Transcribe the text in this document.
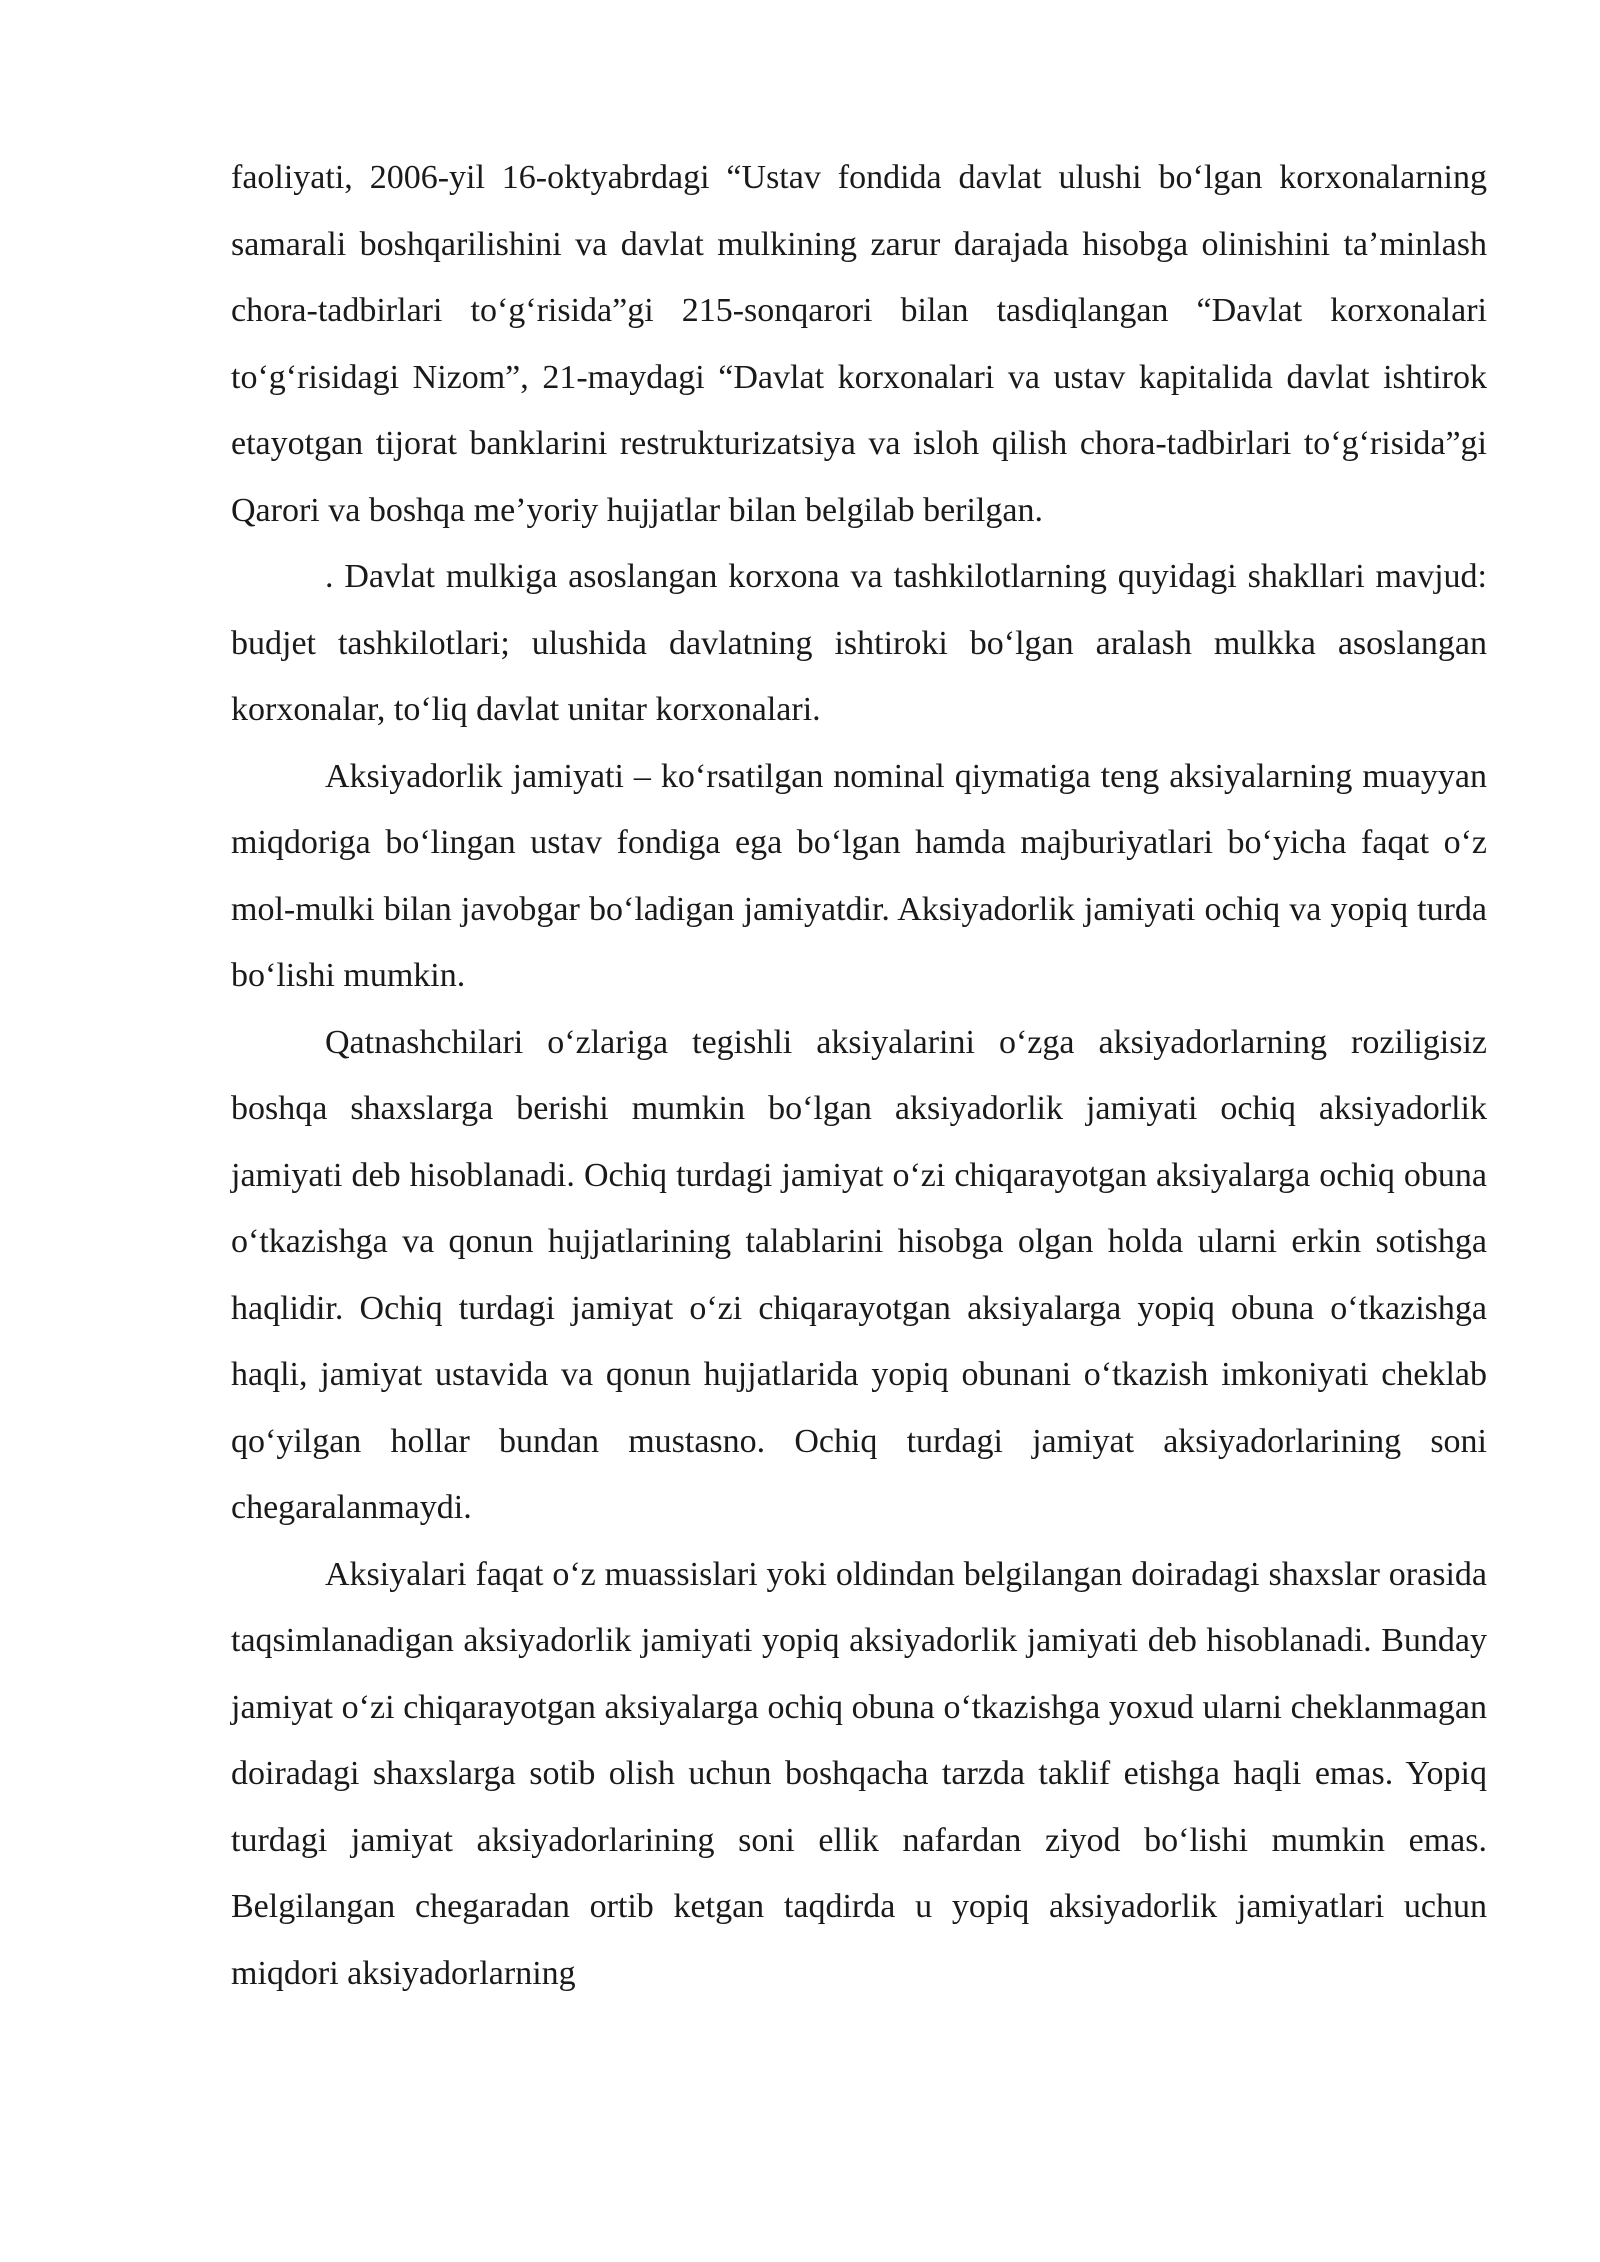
faoliyati, 2006-yil 16-oktyabrdagi “Ustav fondida davlat ulushi boʻlgan korxonalarning samarali boshqarilishini va davlat mulkining zarur darajada hisobga olinishini taʼminlash chora-tadbirlari toʻgʻrisida”gi 215-sonqarori bilan tasdiqlangan “Davlat korxonalari toʻgʻrisidagi Nizom”, 21-maydagi “Davlat korxonalari va ustav kapitalida davlat ishtirok etayotgan tijorat banklarini restrukturizatsiya va isloh qilish chora-tadbirlari toʻgʻrisida”gi Qarori va boshqa meʼyoriy hujjatlar bilan belgilab berilgan.

. Davlat mulkiga asoslangan korxona va tashkilotlarning quyidagi shakllari mavjud: budjet tashkilotlari; ulushida davlatning ishtiroki boʻlgan aralash mulkka asoslangan korxonalar, toʻliq davlat unitar korxonalari.

Aksiyadorlik jamiyati – koʻrsatilgan nominal qiymatiga teng aksiyalarning muayyan miqdoriga boʻlingan ustav fondiga ega boʻlgan hamda majburiyatlari boʻyicha faqat oʻz mol-mulki bilan javobgar boʻladigan jamiyatdir. Aksiyadorlik jamiyati ochiq va yopiq turda boʻlishi mumkin.

Qatnashchilari oʻzlariga tegishli aksiyalarini oʻzga aksiyadorlarning roziligisiz boshqa shaxslarga berishi mumkin boʻlgan aksiyadorlik jamiyati ochiq aksiyadorlik jamiyati deb hisoblanadi. Ochiq turdagi jamiyat oʻzi chiqarayotgan aksiyalarga ochiq obuna oʻtkazishga va qonun hujjatlarining talablarini hisobga olgan holda ularni erkin sotishga haqlidir. Ochiq turdagi jamiyat oʻzi chiqarayotgan aksiyalarga yopiq obuna oʻtkazishga haqli, jamiyat ustavida va qonun hujjatlarida yopiq obunani oʻtkazish imkoniyati cheklab qoʻyilgan hollar bundan mustasno. Ochiq turdagi jamiyat aksiyadorlarining soni chegaralanmaydi.

Aksiyalari faqat oʻz muassislari yoki oldindan belgilangan doiradagi shaxslar orasida taqsimlanadigan aksiyadorlik jamiyati yopiq aksiyadorlik jamiyati deb hisoblanadi. Bunday jamiyat oʻzi chiqarayotgan aksiyalarga ochiq obuna oʻtkazishga yoxud ularni cheklanmagan doiradagi shaxslarga sotib olish uchun boshqacha tarzda taklif etishga haqli emas. Yopiq turdagi jamiyat aksiyadorlarining soni ellik nafardan ziyod boʻlishi mumkin emas. Belgilangan chegaradan ortib ketgan taqdirda u yopiq aksiyadorlik jamiyatlari uchun miqdori aksiyadorlarning
